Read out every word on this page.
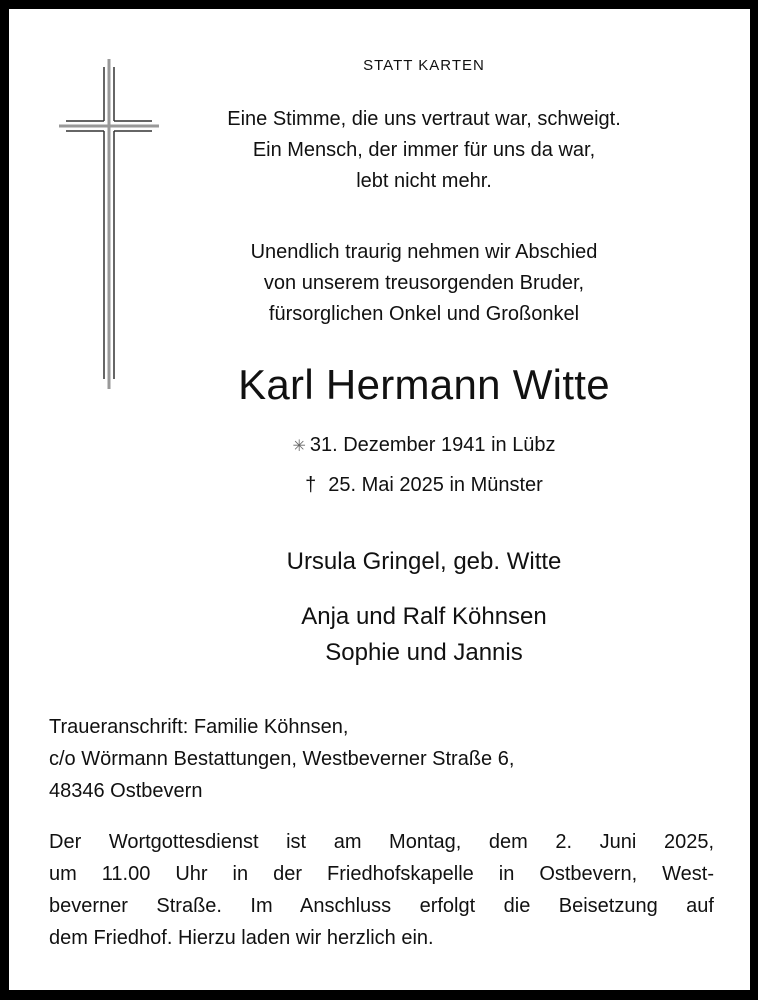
STATT KARTEN
Eine Stimme, die uns vertraut war, schweigt.
Ein Mensch, der immer für uns da war,
lebt nicht mehr.
Unendlich traurig nehmen wir Abschied
von unserem treusorgenden Bruder,
fürsorglichen Onkel und Großonkel
Karl Hermann Witte
✳ 31. Dezember 1941 in Lübz
† 25. Mai 2025 in Münster
Ursula Gringel, geb. Witte
Anja und Ralf Köhnsen
Sophie und Jannis
Traueranschrift: Familie Köhnsen,
c/o Wörmann Bestattungen, Westbeverner Straße 6,
48346 Ostbevern
Der Wortgottesdienst ist am Montag, dem 2. Juni 2025,
um 11.00 Uhr in der Friedhofskapelle in Ostbevern, West-
beverner Straße. Im Anschluss erfolgt die Beisetzung auf
dem Friedhof. Hierzu laden wir herzlich ein.
